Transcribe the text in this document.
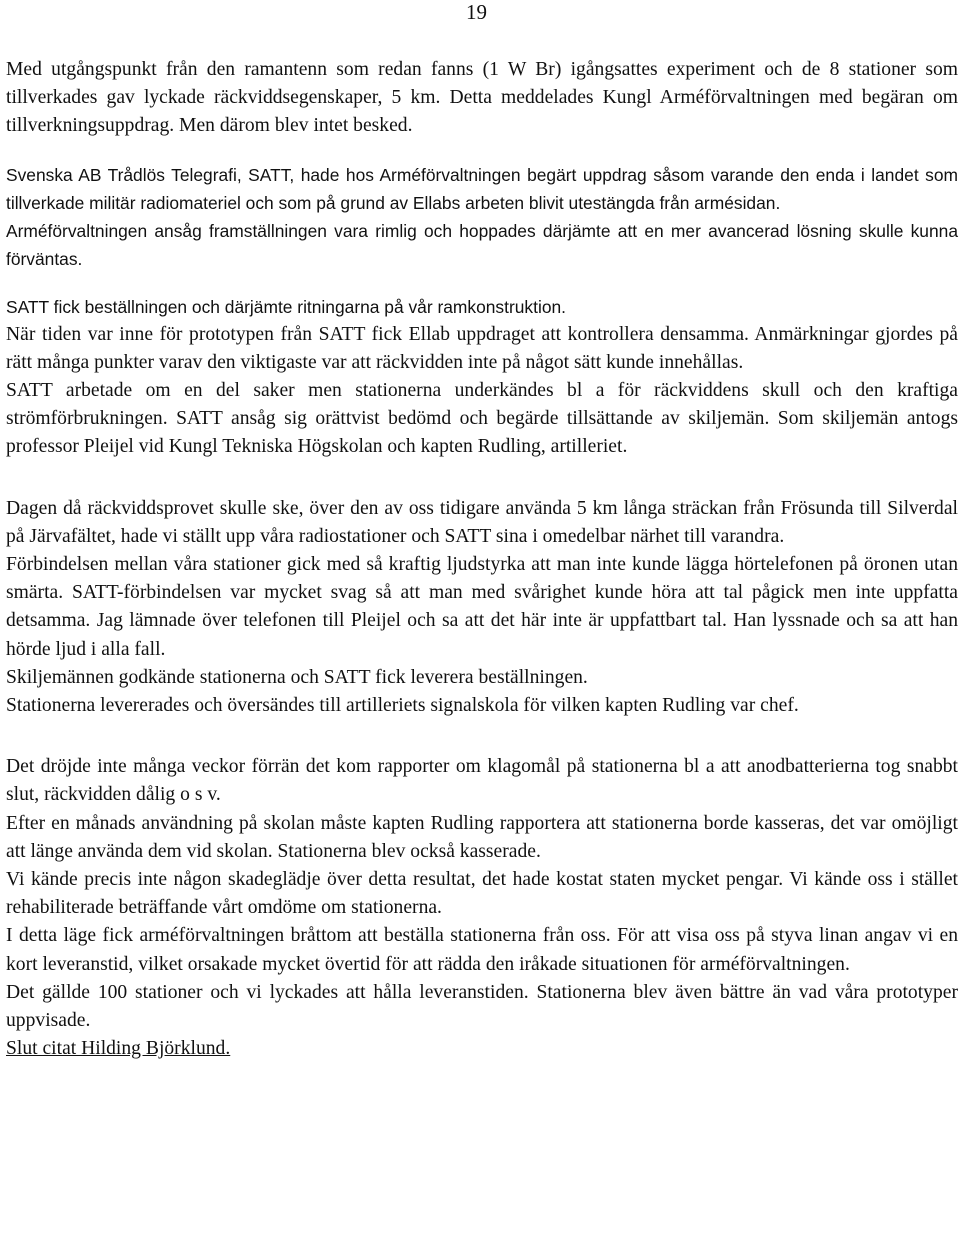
19

Med utgångspunkt från den ramantenn som redan fanns (1 W Br) igångsattes experiment och de 8 stationer som tillverkades gav lyckade räckviddsegenskaper, 5 km. Detta meddelades Kungl Arméförvaltningen med begäran om tillverkningsuppdrag. Men därom blev intet besked.

Svenska AB Trådlös Telegrafi, SATT, hade hos Arméförvaltningen begärt uppdrag såsom varande den enda i landet som tillverkade militär radiomateriel och som på grund av Ellabs arbeten blivit utestängda från armésidan.

Arméförvaltningen ansåg framställningen vara rimlig och hoppades därjämte att en mer avancerad lösning skulle kunna förväntas.

SATT fick beställningen och därjämte ritningarna på vår ramkonstruktion.

När tiden var inne för prototypen från SATT fick Ellab uppdraget att kontrollera densamma. Anmärkningar gjordes på rätt många punkter varav den viktigaste var att räckvidden inte på något sätt kunde innehållas.

SATT arbetade om en del saker men stationerna underkändes bl a för räckviddens skull och den kraftiga strömförbrukningen. SATT ansåg sig orättvist bedömd och begärde tillsättande av skiljemän. Som skiljemän antogs professor Pleijel vid Kungl Tekniska Högskolan och kapten Rudling, artilleriet.

Dagen då räckviddsprovet skulle ske, över den av oss tidigare använda 5 km långa sträckan från Frösunda till Silverdal på Järvafältet, hade vi ställt upp våra radiostationer och SATT sina i omedelbar närhet till varandra.

Förbindelsen mellan våra stationer gick med så kraftig ljudstyrka att man inte kunde lägga hörtelefonen på öronen utan smärta. SATT-förbindelsen var mycket svag så att man med svårighet kunde höra att tal pågick men inte uppfatta detsamma. Jag lämnade över telefonen till Pleijel och sa att det här inte är uppfattbart tal. Han lyssnade och sa att han hörde ljud i alla fall.

Skiljemännen godkände stationerna och SATT fick leverera beställningen.

Stationerna levererades och översändes till artilleriets signalskola för vilken kapten Rudling var chef.

Det dröjde inte många veckor förrän det kom rapporter om klagomål på stationerna bl a att anodbatterierna tog snabbt slut, räckvidden dålig o s v.

Efter en månads användning på skolan måste kapten Rudling rapportera att stationerna borde kasseras, det var omöjligt att länge använda dem vid skolan. Stationerna blev också kasserade.

Vi kände precis inte någon skadeglädje över detta resultat, det hade kostat staten mycket pengar. Vi kände oss i stället rehabiliterade beträffande vårt omdöme om stationerna.

I detta läge fick arméförvaltningen bråttom att beställa stationerna från oss. För att visa oss på styva linan angav vi en kort leveranstid, vilket orsakade mycket övertid för att rädda den iråkade situationen för arméförvaltningen.

Det gällde 100 stationer och vi lyckades att hålla leveranstiden. Stationerna blev även bättre än vad våra prototyper uppvisade.

Slut citat Hilding Björklund.
